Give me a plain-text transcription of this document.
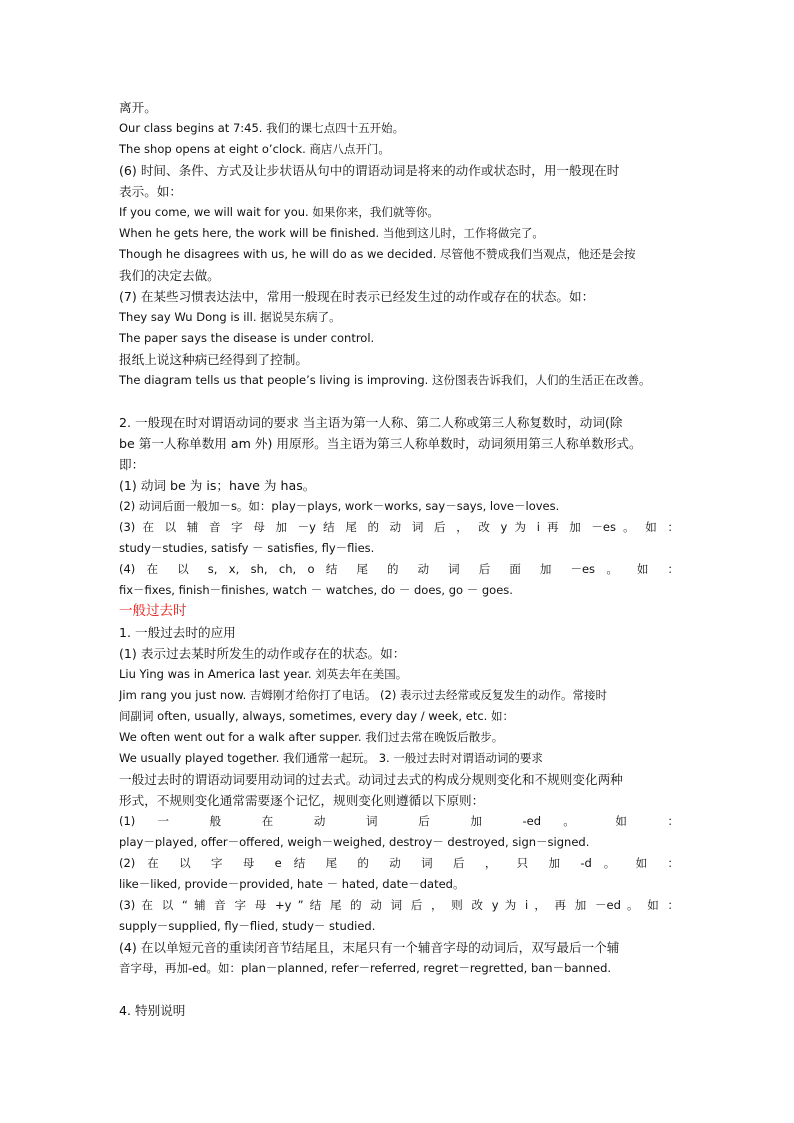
离开。
Our class begins at 7:45. 我们的课七点四十五开始。
The shop opens at eight o’clock. 商店八点开门。
(6) 时间、条件、方式及让步状语从句中的谓语动词是将来的动作或状态时，用一般现在时
表示。如：
If you come, we will wait for you. 如果你来，我们就等你。
When he gets here, the work will be finished. 当他到这儿时，工作将做完了。
Though he disagrees with us, he will do as we decided. 尽管他不赞成我们当观点，他还是会按
我们的决定去做。
(7) 在某些习惯表达法中，常用一般现在时表示已经发生过的动作或存在的状态。如：
They say Wu Dong is ill. 据说吴东病了。
The paper says the disease is under control.
报纸上说这种病已经得到了控制。
The diagram tells us that people’s living is improving. 这份图表告诉我们，人们的生活正在改善。
2. 一般现在时对谓语动词的要求 当主语为第一人称、第二人称或第三人称复数时，动词(除
be 第一人称单数用 am 外) 用原形。当主语为第三人称单数时，动词须用第三人称单数形式。
即：
(1) 动词 be 为 is；have 为 has。
(2) 动词后面一般加－s。如：play－plays, work－works, say－says, love－loves.
(3) 在 以 辅 音 字 母 加 －y 结 尾 的 动 词 后 ， 改 y 为 i 再 加 －es 。 如 ：
study－studies, satisfy － satisfies, fly－flies.
(4) 在 以 s, x, sh, ch, o 结 尾 的 动 词 后 面 加 －es 。 如 ：
fix－fixes, finish－finishes, watch － watches, do － does, go － goes.
一般过去时
1. 一般过去时的应用
(1) 表示过去某时所发生的动作或存在的状态。如：
Liu Ying was in America last year. 刘英去年在美国。
Jim rang you just now. 吉姆刚才给你打了电话。 (2) 表示过去经常或反复发生的动作。常接时
间副词 often, usually, always, sometimes, every day / week, etc. 如：
We often went out for a walk after supper. 我们过去常在晚饭后散步。
We usually played together. 我们通常一起玩。 3. 一般过去时对谓语动词的要求
一般过去时的谓语动词要用动词的过去式。动词过去式的构成分规则变化和不规则变化两种
形式，不规则变化通常需要逐个记忆，规则变化则遵循以下原则：
(1) 一 般 在 动 词 后 加 -ed 。 如 ：
play－played, offer－offered, weigh－weighed, destroy－ destroyed, sign－signed.
(2) 在 以 字 母 e 结 尾 的 动 词 后 ， 只 加 -d 。 如 ：
like－liked, provide－provided, hate － hated, date－dated。
(3) 在 以 “ 辅 音 字 母 +y ” 结 尾 的 动 词 后 ， 则 改 y 为 i ， 再 加 －ed 。 如 ：
supply－supplied, fly－flied, study－ studied.
(4) 在以单短元音的重读闭音节结尾且，末尾只有一个辅音字母的动词后，双写最后一个辅
音字母，再加-ed。如：plan－planned, refer－referred, regret－regretted, ban－banned.
4. 特别说明
